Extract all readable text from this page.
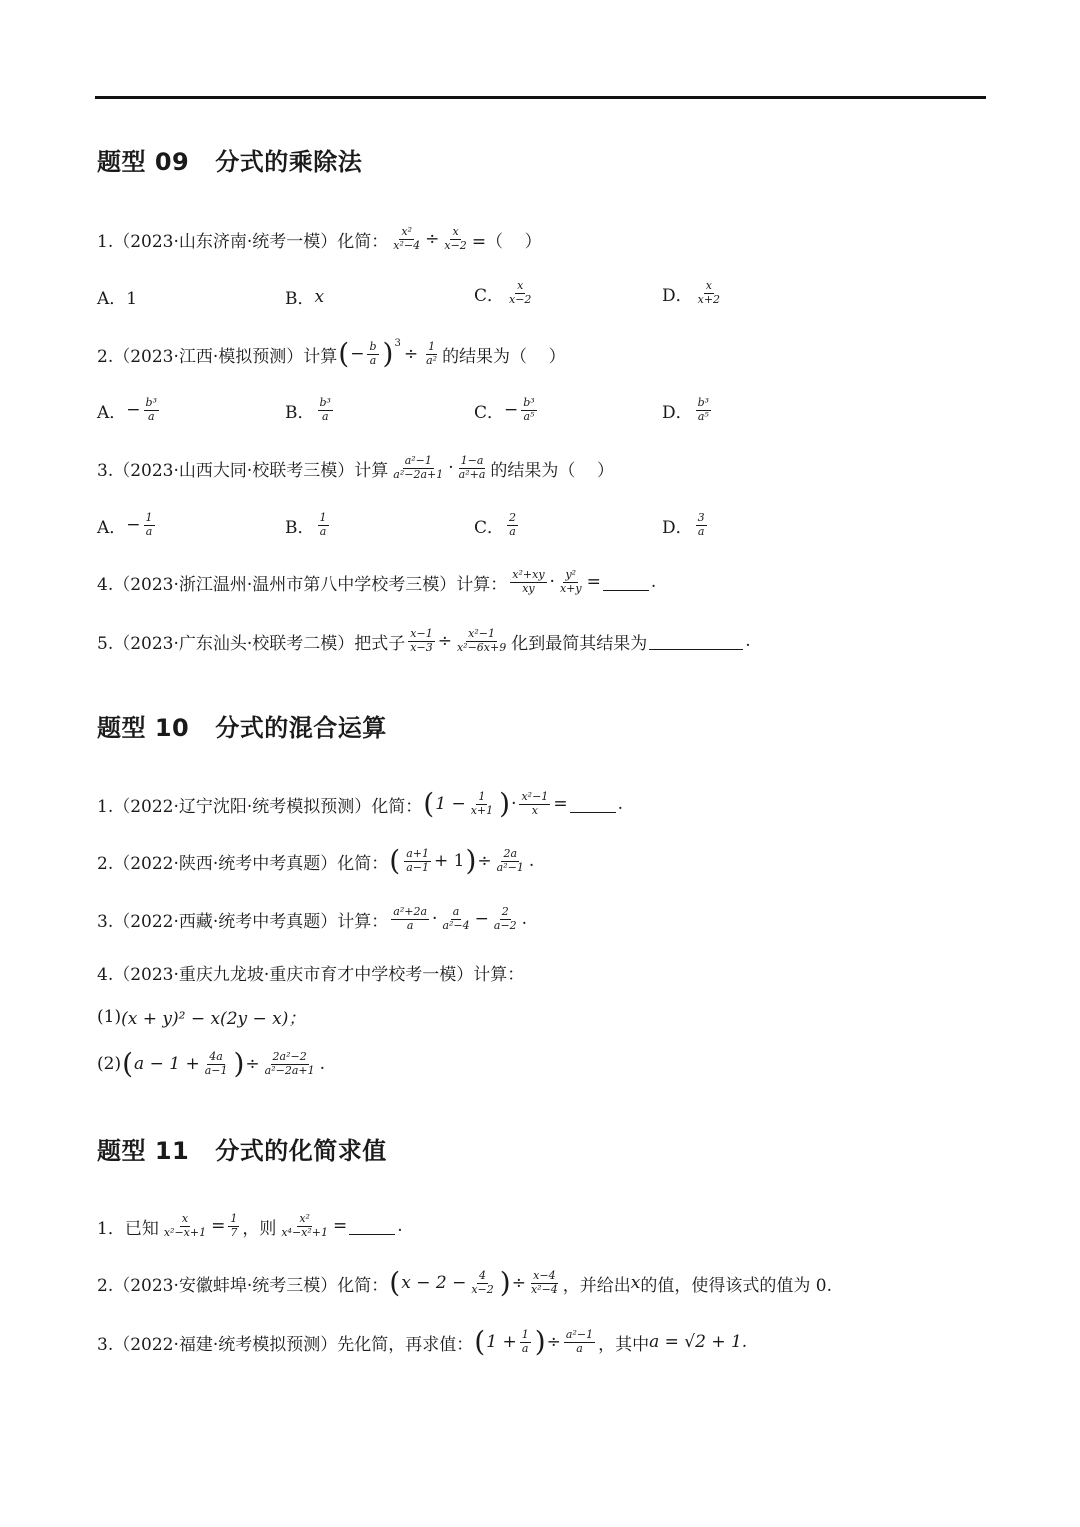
题型 09 分式的乘除法
1.（2023·山东济南·统考一模）化简： $\frac{\text{x²}}{\text{x²−4}} \div \frac{x}{x-2}$ =（    ）
A．1	B． x	C． $\frac{x}{x-2}$	D． $\frac{x}{x+2}$
2.（2023·江西·模拟预测）计算 ( − $\frac{b}{a}$ ) 3
÷ $\frac{1}{\text{a²}}$ 的结果为（    ）
A． − $\frac{\text{b³}}{a}$	B． $\frac{\text{b³}}{a}$	C． − $\frac{\text{b³}}{\text{a⁵}}$	D． $\frac{\text{b³}}{\text{a⁵}}$
3.（2023·山西大同·校联考三模）计算 $\frac{\text{a²−1}}{\text{a²−2a+1}} \cdot \frac{1-a}{\text{a²+a}}$ 的结果为（    ）
A． − $\frac{1}{a}$	B． $\frac{1}{a}$	C． $\frac{2}{a}$	D． $\frac{3}{a}$
4.（2023·浙江温州·温州市第八中学校考三模）计算： $\frac{\text{x²+xy}}{xy} \cdot \frac{\text{y²}}{x+y}$ =	.
5.（2023·广东汕头·校联考二模）把式子 $\frac{x-1}{x-3} \div \frac{\text{x²−1}}{\text{x²−6x+9}}$ 化到最简其结果为	.
题型 10 分式的混合运算
1.（2022·辽宁沈阳·统考模拟预测）化简： ( $1 - \frac{1}{x+1}$ ) · $\frac{\text{x²−1}}{x}$ =	.
2.（2022·陕西·统考中考真题）化简： ( $\frac{a+1}{a-1} + 1$ ) ÷ $\frac{2a}{\text{a²−1}}$ .
3.（2022·西藏·统考中考真题）计算： $\frac{\text{a²+2a}}{a} \cdot \frac{a}{\text{a²−4}} - \frac{2}{a-2}$ .
4.（2023·重庆九龙坡·重庆市育才中学校考一模）计算：
(1) (x + y)² − x(2y − x)；
(2) ( $a - 1 + \frac{4a}{a-1}$ ) ÷ $\frac{\text{2a²−2}}{\text{a²−2a+1}}$ .
题型 11 分式的化简求值
1．已知 $\frac{x}{\text{x²−x+1}} = \frac{1}{7}$ ，则 $\frac{\text{x²}}{\text{x⁴−x²+1}}$ =	.
2.（2023·安徽蚌埠·统考三模）化简： ( $x - 2 - \frac{4}{x-2}$ ) ÷ $\frac{x-4}{\text{x²−4}}$ ，并给出 x 的值，使得该式的值为 0.
3.（2022·福建·统考模拟预测）先化简，再求值： ( $1 + \frac{1}{a}$ ) ÷ $\frac{\text{a²−1}}{a}$ ，其中 a = √2 + 1.
